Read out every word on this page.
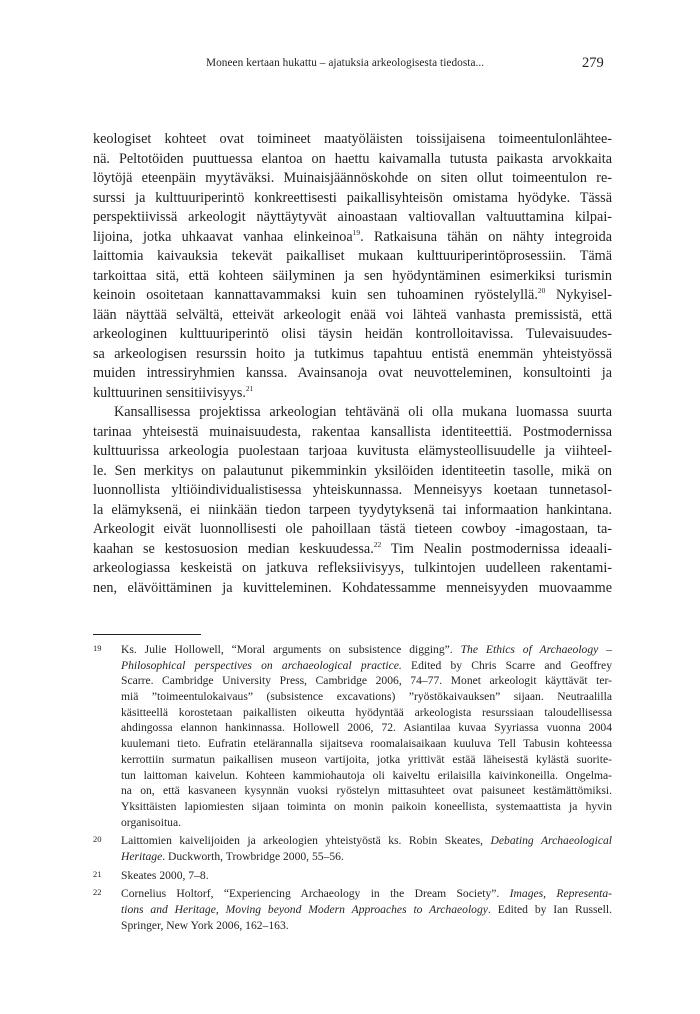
Moneen kertaan hukattu – ajatuksia arkeologisesta tiedosta...	279
keologiset kohteet ovat toimineet maatyöläisten toissijaisena toimeentulonlähtee-
nä. Peltotöiden puuttuessa elantoa on haettu kaivamalla tutusta paikasta arvokkaita
löytöjä eteenpäin myytäväksi. Muinaisjäännöskohde on siten ollut toimeentulon re-
surssi ja kulttuuriperintö konkreettisesti paikallisyhteisön omistama hyödyke. Tässä
perspektiivissä arkeologit näyttäytyvät ainoastaan valtiovallan valtuuttamina kilpai-
lijoina, jotka uhkaavat vanhaa elinkeinoa$^{19}$. Ratkaisuna tähän on nähty integroida
laittomia kaivauksia tekevät paikalliset mukaan kulttuuriperintöprosessiin. Tämä
tarkoittaa sitä, että kohteen säilyminen ja sen hyödyntäminen esimerkiksi turismin
keinoin osoitetaan kannattavammaksi kuin sen tuhoaminen ryöstelyllä.$^{20}$ Nykyisel-
lään näyttää selvältä, etteivät arkeologit enää voi lähteä vanhasta premissistä, että
arkeologinen kulttuuriperintö olisi täysin heidän kontrolloitavissa. Tulevaisuudes-
sa arkeologisen resurssin hoito ja tutkimus tapahtuu entistä enemmän yhteistyössä
muiden intressiryhmien kanssa. Avainsanoja ovat neuvotteleminen, konsultointi ja
kulttuurinen sensitiivisyys.$^{21}$
Kansallisessa projektissa arkeologian tehtävänä oli olla mukana luomassa suurta
tarinaa yhteisestä muinaisuudesta, rakentaa kansallista identiteettiä. Postmodernissa
kulttuurissa arkeologia puolestaan tarjoaa kuvitusta elämysteollisuudelle ja viihteel-
le. Sen merkitys on palautunut pikemminkin yksilöiden identiteetin tasolle, mikä on
luonnollista yltiöindividualistisessa yhteiskunnassa. Menneisyys koetaan tunnetasol-
la elämyksenä, ei niinkään tiedon tarpeen tyydytyksenä tai informaation hankintana.
Arkeologit eivät luonnollisesti ole pahoillaan tästä tieteen cowboy -imagostaan, ta-
kaahan se kestosuosion median keskuudessa.$^{22}$ Tim Nealin postmodernissa ideaali-
arkeologiassa keskeistä on jatkuva refleksiivisyys, tulkintojen uudelleen rakentami-
nen, elävöittäminen ja kuvitteleminen. Kohdatessamme menneisyyden muovaamme
19 Ks. Julie Hollowell, “Moral arguments on subsistence digging”. The Ethics of Archaeology –
Philosophical perspectives on archaeological practice. Edited by Chris Scarre and Geoffrey
Scarre. Cambridge University Press, Cambridge 2006, 74–77. Monet arkeologit käyttävät ter-
miä ”toimeentulokaivaus” (subsistence excavations) ”ryöstökaivauksen” sijaan. Neutraalilla
käsitteellä korostetaan paikallisten oikeutta hyödyntää arkeologista resurssiaan taloudellisessa
ahdingossa elannon hankinnassa. Hollowell 2006, 72. Asiantilaa kuvaa Syyriassa vuonna 2004
kuulemani tieto. Eufratin etelärannalla sijaitseva roomalaisaikaan kuuluva Tell Tabusin kohteessa
kerrottiin surmatun paikallisen museon vartijoita, jotka yrittivät estää läheisestä kylästä suorite-
tun laittoman kaivelun. Kohteen kammiohautoja oli kaiveltu erilaisilla kaivinkoneilla. Ongelma-
na on, että kasvaneen kysynnän vuoksi ryöstelyn mittasuhteet ovat paisuneet kestämättömiksi.
Yksittäisten lapiomiesten sijaan toiminta on monin paikoin koneellista, systemaattista ja hyvin
organisoitua.
20 Laittomien kaivelijoiden ja arkeologien yhteistyöstä ks. Robin Skeates, Debating Archaeological
Heritage. Duckworth, Trowbridge 2000, 55–56.
21 Skeates 2000, 7–8.
22 Cornelius Holtorf, “Experiencing Archaeology in the Dream Society”. Images, Representa-
tions and Heritage, Moving beyond Modern Approaches to Archaeology. Edited by Ian Russell.
Springer, New York 2006, 162–163.
